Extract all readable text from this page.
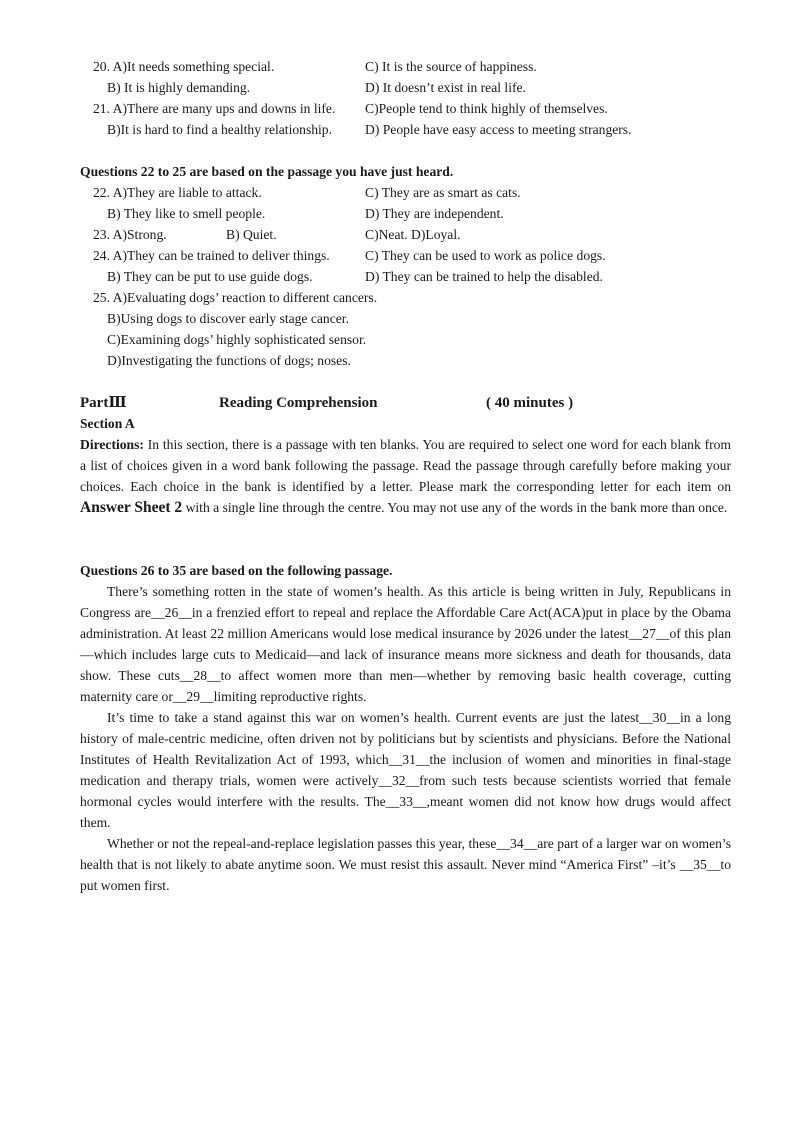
20. A)It needs something special.	C) It is the source of happiness.
B) It is highly demanding.	D) It doesn’t exist in real life.
21. A)There are many ups and downs in life. C)People tend to think highly of themselves.
B)It is hard to find a healthy relationship. D) People have easy access to meeting strangers.
Questions 22 to 25 are based on the passage you have just heard.
22. A)They are liable to attack.	C) They are as smart as cats.
B) They like to smell people.	D) They are independent.
23. A)Strong.	B) Quiet.	C)Neat. D)Loyal.
24. A)They can be trained to deliver things.	C) They can be used to work as police dogs.
B) They can be put to use guide dogs.	D) They can be trained to help the disabled.
25. A)Evaluating dogs’ reaction to different cancers.
B)Using dogs to discover early stage cancer.
C)Examining dogs’ highly sophisticated sensor.
D)Investigating the functions of dogs; noses.
PartⅢ	Reading Comprehension	( 40 minutes )
Section A

Directions: In this section, there is a passage with ten blanks. You are required to select one word for each blank from a list of choices given in a word bank following the passage. Read the passage through carefully before making your choices. Each choice in the bank is identified by a letter. Please mark the corresponding letter for each item on Answer Sheet 2 with a single line through the centre. You may not use any of the words in the bank more than once.

Questions 26 to 35 are based on the following passage.

There’s something rotten in the state of women’s health. As this article is being written in July, Republicans in Congress are__26__in a frenzied effort to repeal and replace the Affordable Care Act(ACA)put in place by the Obama administration. At least 22 million Americans would lose medical insurance by 2026 under the latest__27__of this plan—which includes large cuts to Medicaid—and lack of insurance means more sickness and death for thousands, data show. These cuts__28__to affect women more than men—whether by removing basic health coverage, cutting maternity care or__29__limiting reproductive rights.

It’s time to take a stand against this war on women’s health. Current events are just the latest__30__in a long history of male-centric medicine, often driven not by politicians but by scientists and physicians. Before the National Institutes of Health Revitalization Act of 1993, which__31__the inclusion of women and minorities in final-stage medication and therapy trials, women were actively__32__from such tests because scientists worried that female hormonal cycles would interfere with the results. The__33__,meant women did not know how drugs would affect them.

Whether or not the repeal-and-replace legislation passes this year, these__34__are part of a larger war on women’s health that is not likely to abate anytime soon. We must resist this assault. Never mind “America First” –it’s __35__to put women first.
